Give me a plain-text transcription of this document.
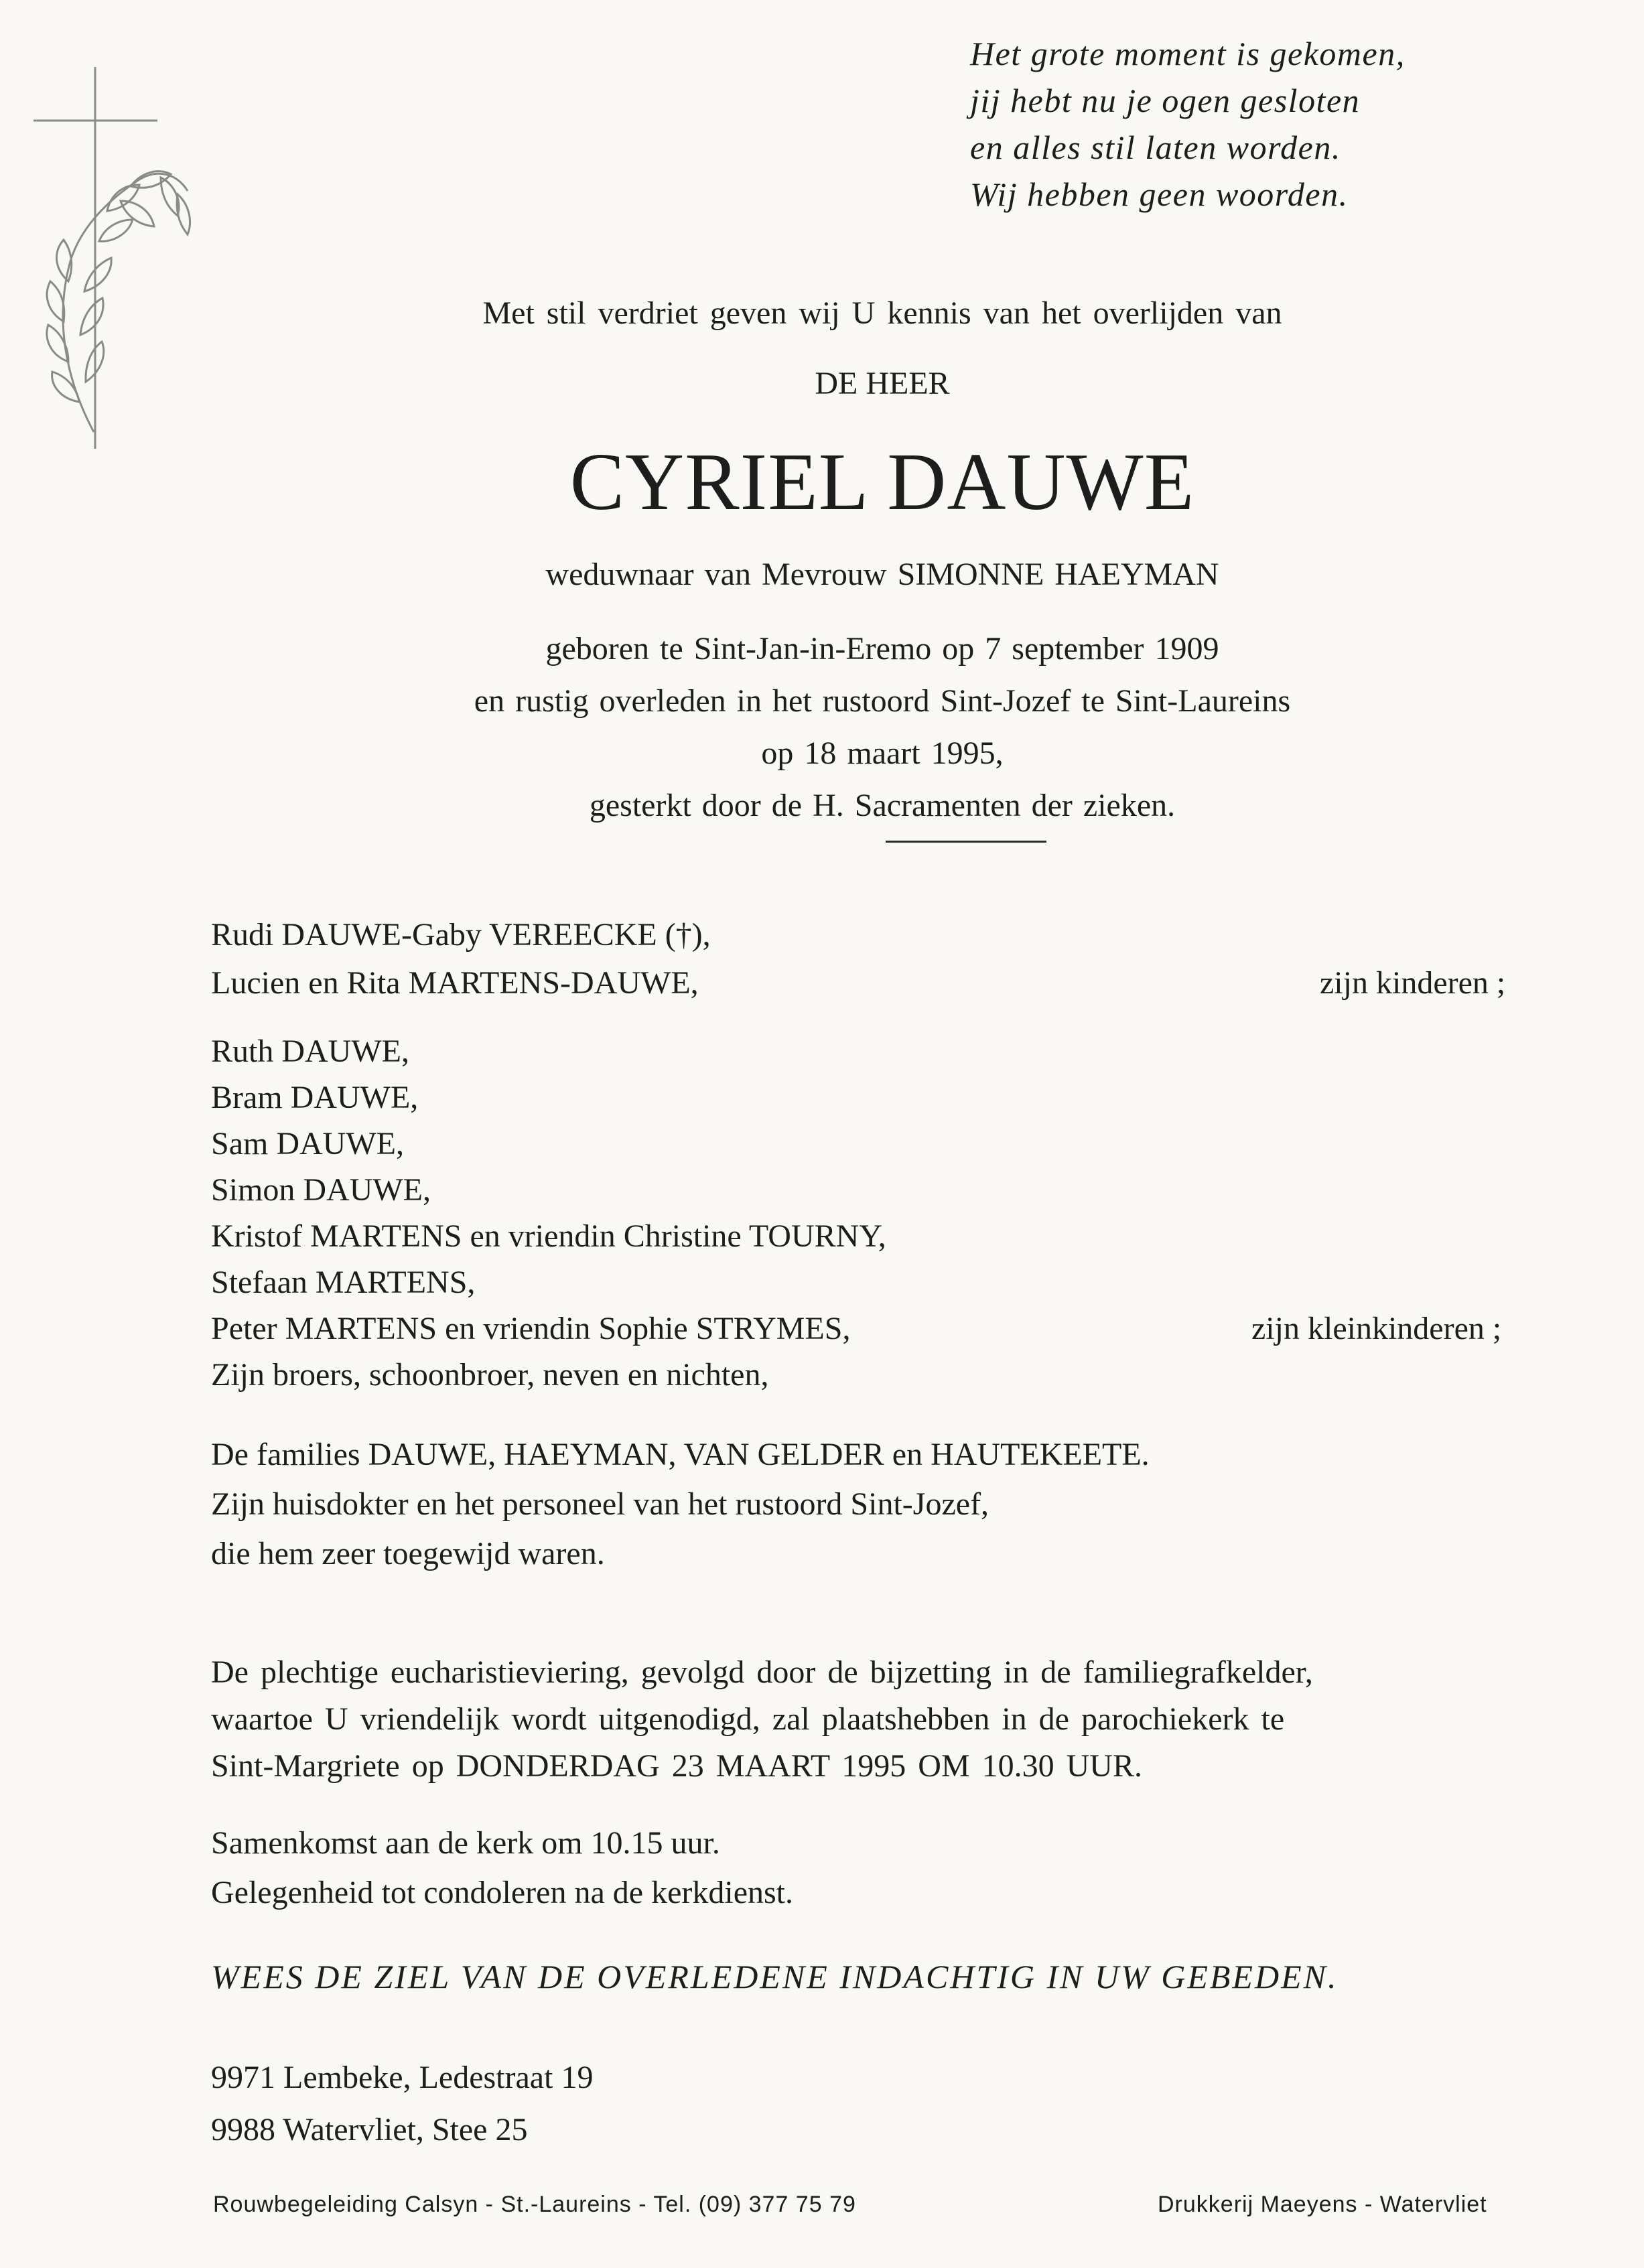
Het grote moment is gekomen,
jij hebt nu je ogen gesloten
en alles stil laten worden.
Wij hebben geen woorden.
Met stil verdriet geven wij U kennis van het overlijden van
DE HEER
CYRIEL DAUWE
weduwnaar van Mevrouw SIMONNE HAEYMAN
geboren te Sint-Jan-in-Eremo op 7 september 1909
en rustig overleden in het rustoord Sint-Jozef te Sint-Laureins
op 18 maart 1995,
gesterkt door de H. Sacramenten der zieken.
Rudi DAUWE-Gaby VEREECKE (†),
Lucien en Rita MARTENS-DAUWE,	zijn kinderen ;
Ruth DAUWE,
Bram DAUWE,
Sam DAUWE,
Simon DAUWE,
Kristof MARTENS en vriendin Christine TOURNY,
Stefaan MARTENS,
Peter MARTENS en vriendin Sophie STRYMES,
Zijn broers, schoonbroer, neven en nichten,
zijn kleinkinderen ;
De families DAUWE, HAEYMAN, VAN GELDER en HAUTEKEETE.
Zijn huisdokter en het personeel van het rustoord Sint-Jozef,
die hem zeer toegewijd waren.
De plechtige eucharistieviering, gevolgd door de bijzetting in de familiegrafkelder,
waartoe U vriendelijk wordt uitgenodigd, zal plaatshebben in de parochiekerk te
Sint-Margriete op DONDERDAG 23 MAART 1995 OM 10.30 UUR.
Samenkomst aan de kerk om 10.15 uur.
Gelegenheid tot condoleren na de kerkdienst.
WEES DE ZIEL VAN DE OVERLEDENE INDACHTIG IN UW GEBEDEN.
9971 Lembeke, Ledestraat 19
9988 Watervliet, Stee 25
Rouwbegeleiding Calsyn - St.-Laureins - Tel. (09) 377 75 79	Drukkerij Maeyens - Watervliet
